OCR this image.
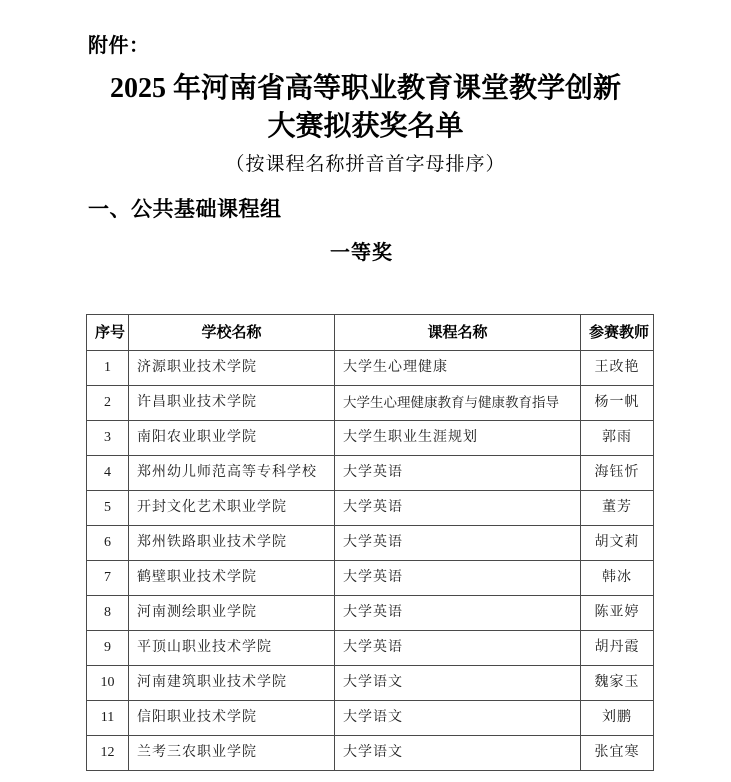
附件：
2025 年河南省高等职业教育课堂教学创新
大赛拟获奖名单
（按课程名称拼音首字母排序）
一、公共基础课程组
一等奖
序号	学校名称	课程名称	参赛教师
1	济源职业技术学院	大学生心理健康	王改艳
2	许昌职业技术学院	大学生心理健康教育与健康教育指导	杨一帆
3	南阳农业职业学院	大学生职业生涯规划	郭雨
4	郑州幼儿师范高等专科学校	大学英语	海钰忻
5	开封文化艺术职业学院	大学英语	董芳
6	郑州铁路职业技术学院	大学英语	胡文莉
7	鹤壁职业技术学院	大学英语	韩冰
8	河南测绘职业学院	大学英语	陈亚婷
9	平顶山职业技术学院	大学英语	胡丹霞
10	河南建筑职业技术学院	大学语文	魏家玉
11	信阳职业技术学院	大学语文	刘鹏
12	兰考三农职业学院	大学语文	张宜寒
